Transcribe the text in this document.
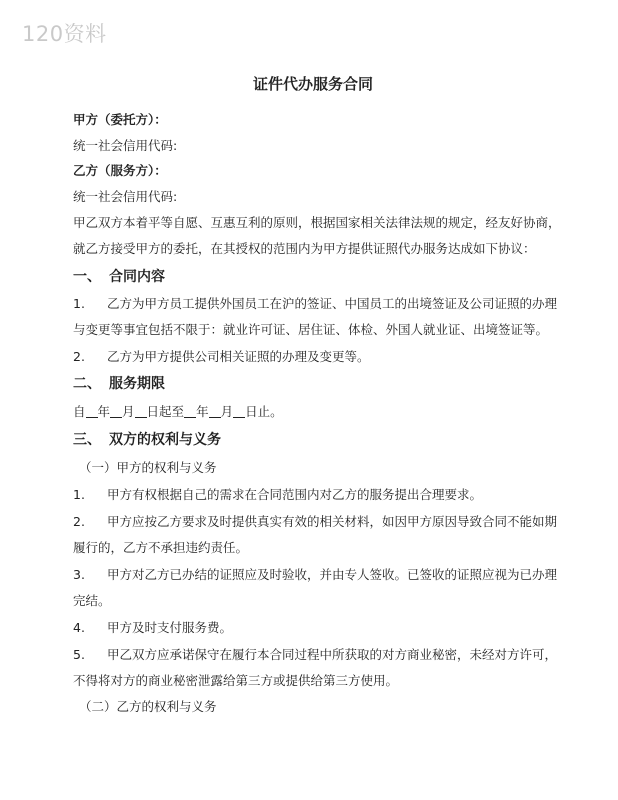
120资料
证件代办服务合同
甲方（委托方）：
统一社会信用代码:
乙方（服务方）：
统一社会信用代码:
甲乙双方本着平等自愿、互惠互利的原则，根据国家相关法律法规的规定，经友好协商，
就乙方接受甲方的委托，在其授权的范围内为甲方提供证照代办服务达成如下协议：
一、 合同内容
1. 乙方为甲方员工提供外国员工在沪的签证、中国员工的出境签证及公司证照的办理
与变更等事宜包括不限于：就业许可证、居住证、体检、外国人就业证、出境签证等。
2. 乙方为甲方提供公司相关证照的办理及变更等。
二、 服务期限
自 年 月 日起至 年 月 日止。
三、 双方的权利与义务
（一）甲方的权利与义务
1. 甲方有权根据自己的需求在合同范围内对乙方的服务提出合理要求。
2. 甲方应按乙方要求及时提供真实有效的相关材料，如因甲方原因导致合同不能如期
履行的，乙方不承担违约责任。
3. 甲方对乙方已办结的证照应及时验收，并由专人签收。已签收的证照应视为已办理
完结。
4. 甲方及时支付服务费。
5. 甲乙双方应承诺保守在履行本合同过程中所获取的对方商业秘密，未经对方许可，
不得将对方的商业秘密泄露给第三方或提供给第三方使用。
（二）乙方的权利与义务
